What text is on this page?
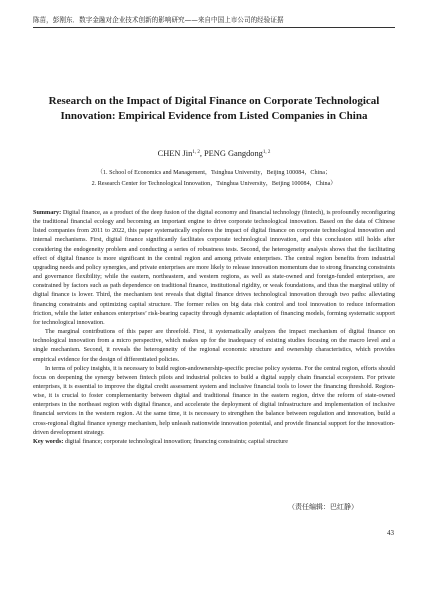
陈苗，彭刚东．数字金融对企业技术创新的影响研究——来自中国上市公司的经验证据
Research on the Impact of Digital Finance on Corporate Technological
Innovation: Empirical Evidence from Listed Companies in China
CHEN Jin$^{1, 2}$, PENG Gangdong$^{1, 2}$
（1. School of Economics and Management，Tsinghua University，Beijing 100084，China；
2. Research Center for Technological Innovation，Tsinghua University，Beijing 100084，China）

Summary: Digital finance, as a product of the deep fusion of the digital economy and financial technology (fintech), is profoundly reconfiguring the traditional financial ecology and becoming an important engine to drive corporate technological innovation. Based on the data of Chinese listed companies from 2011 to 2022, this paper systematically explores the impact of digital finance on corporate technological innovation and internal mechanisms. First, digital finance significantly facilitates corporate technological innovation, and this conclusion still holds after considering the endogeneity problem and conducting a series of robustness tests. Second, the heterogeneity analysis shows that the facilitating effect of digital finance is more significant in the central region and among private enterprises. The central region benefits from industrial upgrading needs and policy synergies, and private enterprises are more likely to release innovation momentum due to strong financing constraints and governance flexibility; while the eastern, northeastern, and western regions, as well as state-owned and foreign-funded enterprises, are constrained by factors such as path dependence on traditional finance, institutional rigidity, or weak foundations, and thus the marginal utility of digital finance is lower. Third, the mechanism test reveals that digital finance drives technological innovation through two paths: alleviating financing constraints and optimizing capital structure. The former relies on big data risk control and tool innovation to reduce information friction, while the latter enhances enterprises’ risk-bearing capacity through dynamic adaptation of financing models, forming systematic support for technological innovation.

The marginal contributions of this paper are threefold. First, it systematically analyzes the impact mechanism of digital finance on technological innovation from a micro perspective, which makes up for the inadequacy of existing studies focusing on the macro level and a single mechanism. Second, it reveals the heterogeneity of the regional economic structure and ownership characteristics, which provides empirical evidence for the design of differentiated policies.

In terms of policy insights, it is necessary to build region-andownership-specific precise policy systems. For the central region, efforts should focus on deepening the synergy between fintech pilots and industrial policies to build a digital supply chain financial ecosystem. For private enterprises, it is essential to improve the digital credit assessment system and inclusive financial tools to lower the financing threshold. Region-wise, it is crucial to foster complementarity between digital and traditional finance in the eastern region, drive the reform of state-owned enterprises in the northeast region with digital finance, and accelerate the deployment of digital infrastructure and implementation of inclusive financial services in the western region. At the same time, it is necessary to strengthen the balance between regulation and innovation, build a cross-regional digital finance synergy mechanism, help unleash nationwide innovation potential, and provide financial support for the innovation-driven development strategy.

Key words: digital finance; corporate technological innovation; financing constraints; capital structure

（责任编辑：巴红静）
43
